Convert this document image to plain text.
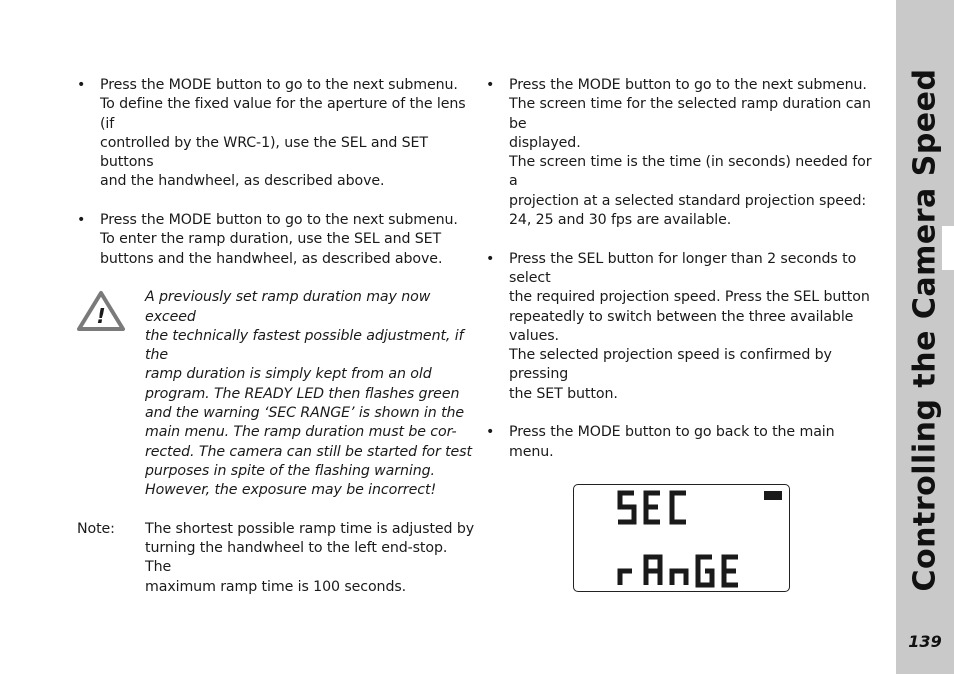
• Press the MODE button to go to the next submenu.

To define the fixed value for the aperture of the lens (if

controlled by the WRC-1), use the SEL and SET buttons

and the handwheel, as described above.

• Press the MODE button to go to the next submenu.

To enter the ramp duration, use the SEL and SET

buttons and the handwheel, as described above.

!

A previously set ramp duration may now exceed

the technically fastest possible adjustment, if the

ramp duration is simply kept from an old

program. The READY LED then flashes green

and the warning ‘SEC RANGE’ is shown in the

main menu. The ramp duration must be cor-

rected. The camera can still be started for test

purposes in spite of the flashing warning.

However, the exposure may be incorrect!

Note: The shortest possible ramp time is adjusted by

turning the handwheel to the left end-stop. The

maximum ramp time is 100 seconds.

• Press the MODE button to go to the next submenu.

The screen time for the selected ramp duration can be

displayed.

The screen time is the time (in seconds) needed for a

projection at a selected standard projection speed:

24, 25 and 30 fps are available.

• Press the SEL button for longer than 2 seconds to select

the required projection speed. Press the SEL button

repeatedly to switch between the three available values.

The selected projection speed is confirmed by pressing

the SET button.

• Press the MODE button to go back to the main menu.	Controlling the Camera Speed
139
